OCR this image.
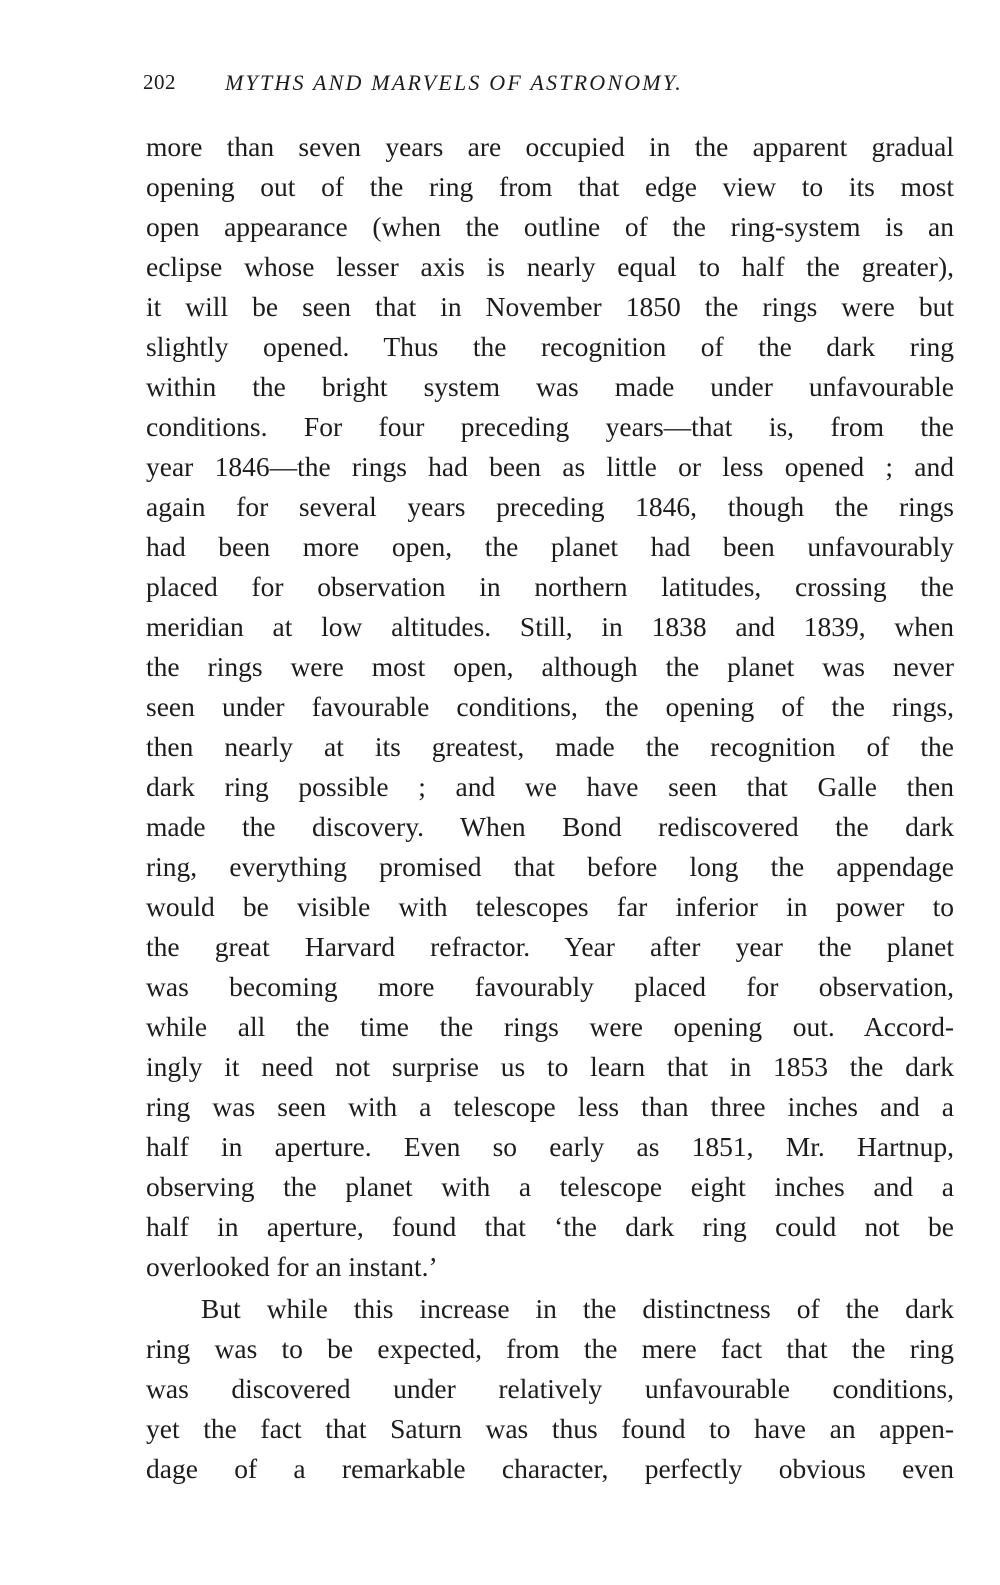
202 MYTHS AND MARVELS OF ASTRONOMY.
more than seven years are occupied in the apparent gradual
opening out of the ring from that edge view to its most
open appearance (when the outline of the ring-system is an
eclipse whose lesser axis is nearly equal to half the greater),
it will be seen that in November 1850 the rings were but
slightly opened. Thus the recognition of the dark ring
within the bright system was made under unfavourable
conditions. For four preceding years—that is, from the
year 1846—the rings had been as little or less opened ; and
again for several years preceding 1846, though the rings
had been more open, the planet had been unfavourably
placed for observation in northern latitudes, crossing the
meridian at low altitudes. Still, in 1838 and 1839, when
the rings were most open, although the planet was never
seen under favourable conditions, the opening of the rings,
then nearly at its greatest, made the recognition of the
dark ring possible ; and we have seen that Galle then
made the discovery. When Bond rediscovered the dark
ring, everything promised that before long the appendage
would be visible with telescopes far inferior in power to
the great Harvard refractor. Year after year the planet
was becoming more favourably placed for observation,
while all the time the rings were opening out. Accord-
ingly it need not surprise us to learn that in 1853 the dark
ring was seen with a telescope less than three inches and a
half in aperture. Even so early as 1851, Mr. Hartnup,
observing the planet with a telescope eight inches and a
half in aperture, found that ‘the dark ring could not be
overlooked for an instant.’
But while this increase in the distinctness of the dark
ring was to be expected, from the mere fact that the ring
was discovered under relatively unfavourable conditions,
yet the fact that Saturn was thus found to have an appen-
dage of a remarkable character, perfectly obvious even
